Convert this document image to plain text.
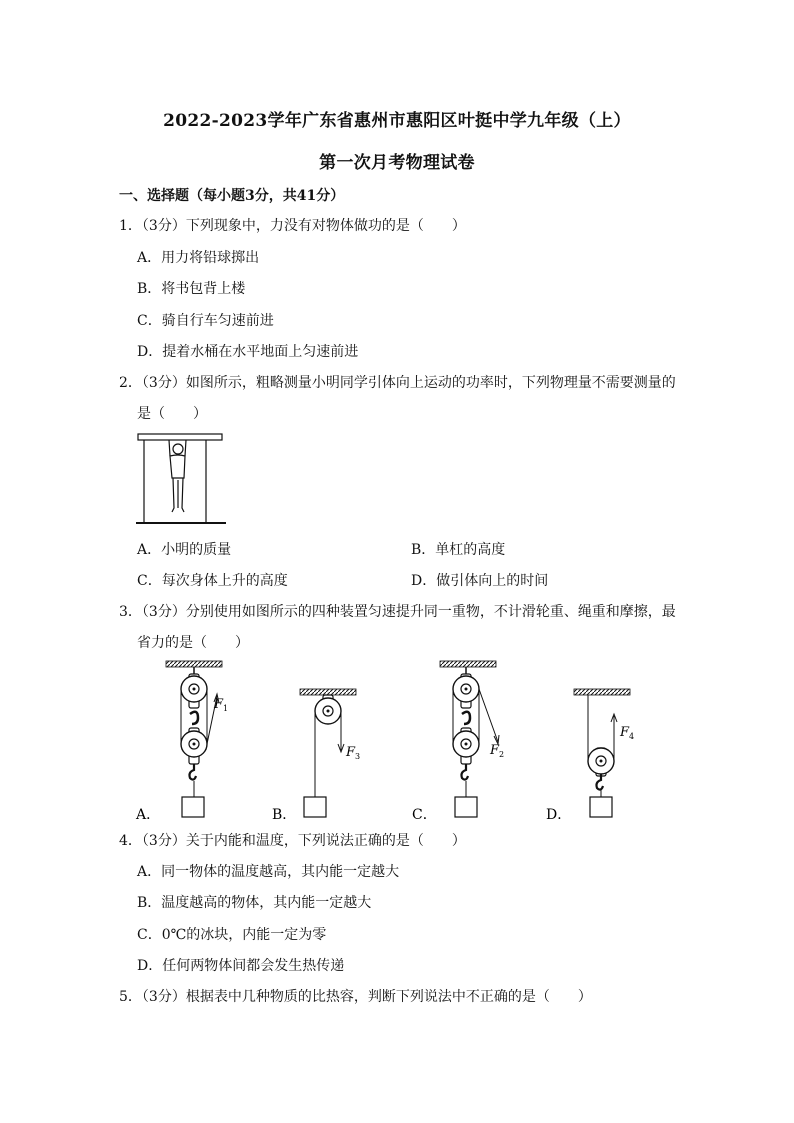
2022-2023学年广东省惠州市惠阳区叶挺中学九年级（上）
第一次月考物理试卷
一、选择题（每小题3分，共41分）
1．（3分）下列现象中，力没有对物体做功的是（　　）
A．用力将铅球掷出
B．将书包背上楼
C．骑自行车匀速前进
D．提着水桶在水平地面上匀速前进
2．（3分）如图所示，粗略测量小明同学引体向上运动的功率时，下列物理量不需要测量的
是（　　）
A．小明的质量	B．单杠的高度
C．每次身体上升的高度	D．做引体向上的时间
3．（3分）分别使用如图所示的四种装置匀速提升同一重物，不计滑轮重、绳重和摩擦，最
省力的是（　　）
F 1
A．
F 3
B．
F 2
C．
F 4
D．
4．（3分）关于内能和温度，下列说法正确的是（　　）
A．同一物体的温度越高，其内能一定越大
B．温度越高的物体，其内能一定越大
C．0℃的冰块，内能一定为零
D．任何两物体间都会发生热传递
5．（3分）根据表中几种物质的比热容，判断下列说法中不正确的是（　　）
